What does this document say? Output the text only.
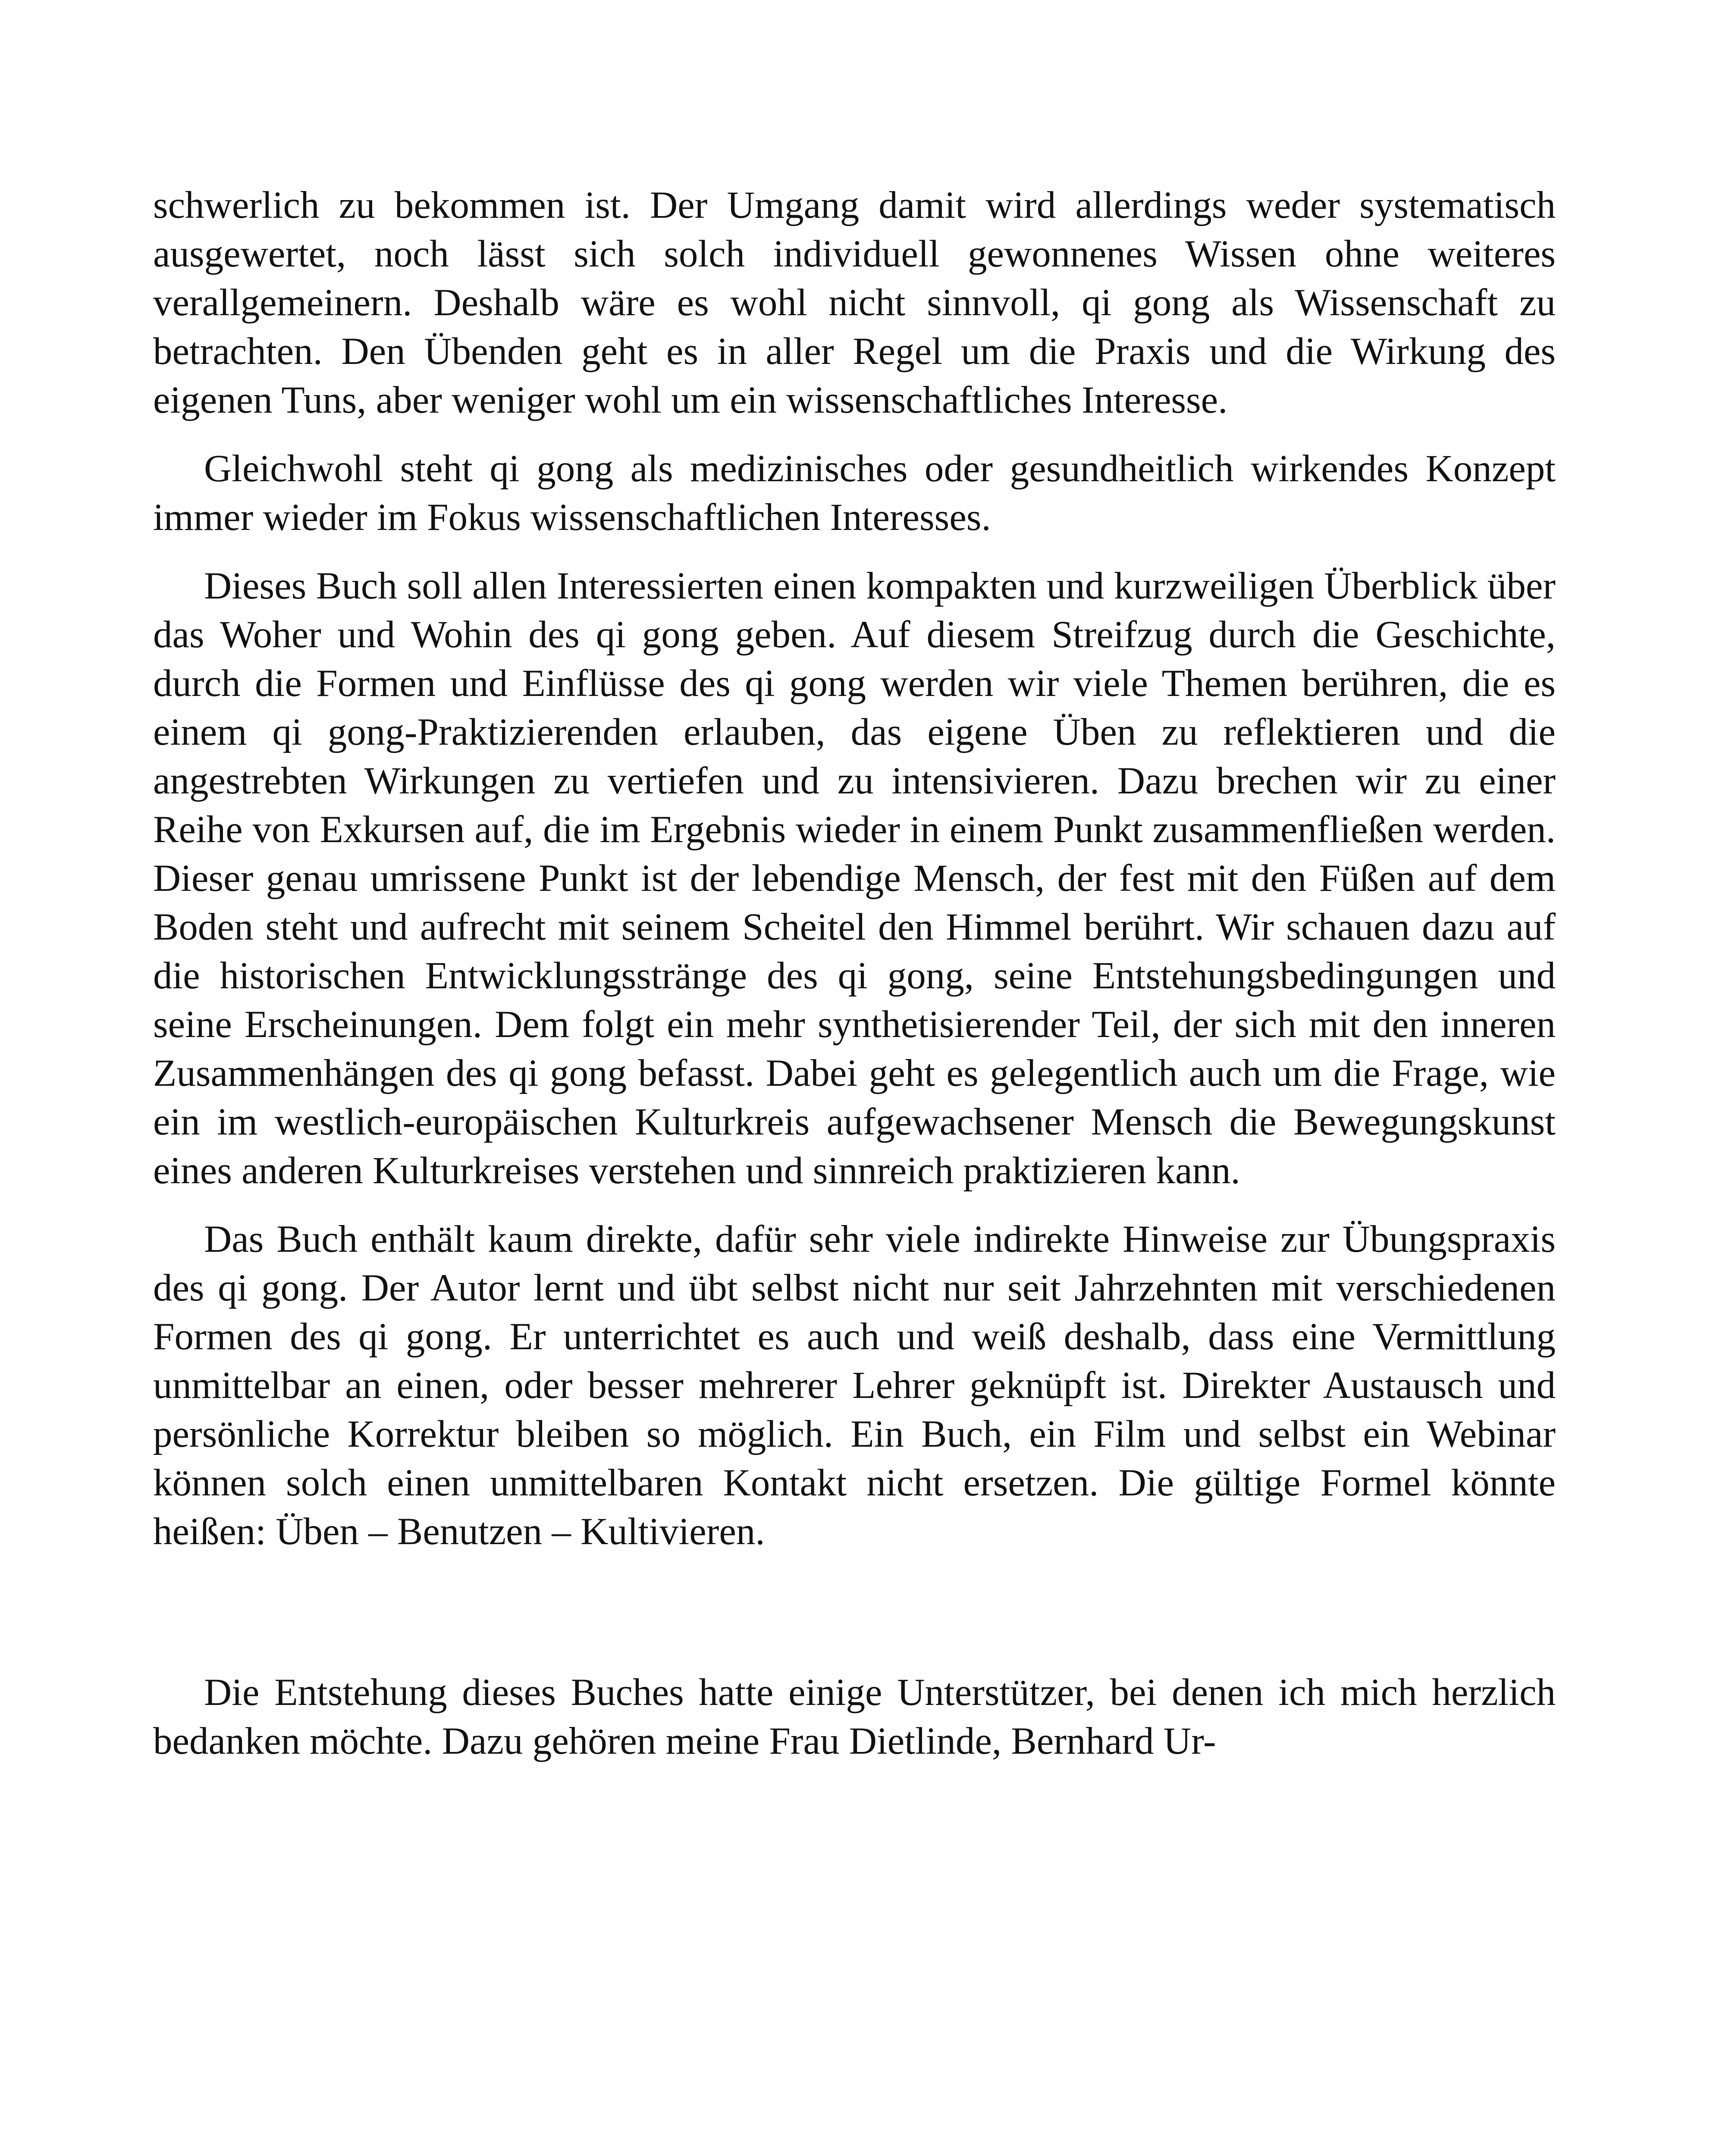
schwerlich zu bekommen ist. Der Umgang damit wird allerdings weder systematisch ausgewertet, noch lässt sich solch individuell gewonnenes Wissen ohne weiteres verallgemeinern. Deshalb wäre es wohl nicht sinnvoll, qi gong als Wissenschaft zu betrachten. Den Übenden geht es in aller Regel um die Praxis und die Wirkung des eigenen Tuns, aber weniger wohl um ein wissenschaftliches Interesse.

Gleichwohl steht qi gong als medizinisches oder gesundheitlich wirkendes Konzept immer wieder im Fokus wissenschaftlichen Interesses.

Dieses Buch soll allen Interessierten einen kompakten und kurzweiligen Überblick über das Woher und Wohin des qi gong geben. Auf diesem Streifzug durch die Geschichte, durch die Formen und Einflüsse des qi gong werden wir viele Themen berühren, die es einem qi gong-Praktizierenden erlauben, das eigene Üben zu reflektieren und die angestrebten Wirkungen zu vertiefen und zu intensivieren. Dazu brechen wir zu einer Reihe von Exkursen auf, die im Ergebnis wieder in einem Punkt zusammenfließen werden. Dieser genau umrissene Punkt ist der lebendige Mensch, der fest mit den Füßen auf dem Boden steht und aufrecht mit seinem Scheitel den Himmel berührt. Wir schauen dazu auf die historischen Entwicklungsstränge des qi gong, seine Entstehungsbedingungen und seine Erscheinungen. Dem folgt ein mehr synthetisierender Teil, der sich mit den inneren Zusammenhängen des qi gong befasst. Dabei geht es gelegentlich auch um die Frage, wie ein im westlich-europäischen Kulturkreis aufgewachsener Mensch die Bewegungskunst eines anderen Kulturkreises verstehen und sinnreich praktizieren kann.

Das Buch enthält kaum direkte, dafür sehr viele indirekte Hinweise zur Übungspraxis des qi gong. Der Autor lernt und übt selbst nicht nur seit Jahrzehnten mit verschiedenen Formen des qi gong. Er unterrichtet es auch und weiß deshalb, dass eine Vermittlung unmittelbar an einen, oder besser mehrerer Lehrer geknüpft ist. Direkter Austausch und persönliche Korrektur bleiben so möglich. Ein Buch, ein Film und selbst ein Webinar können solch einen unmittelbaren Kontakt nicht ersetzen. Die gültige Formel könnte heißen: Üben – Benutzen – Kultivieren.

Die Entstehung dieses Buches hatte einige Unterstützer, bei denen ich mich herzlich bedanken möchte. Dazu gehören meine Frau Dietlinde, Bernhard Ur-
